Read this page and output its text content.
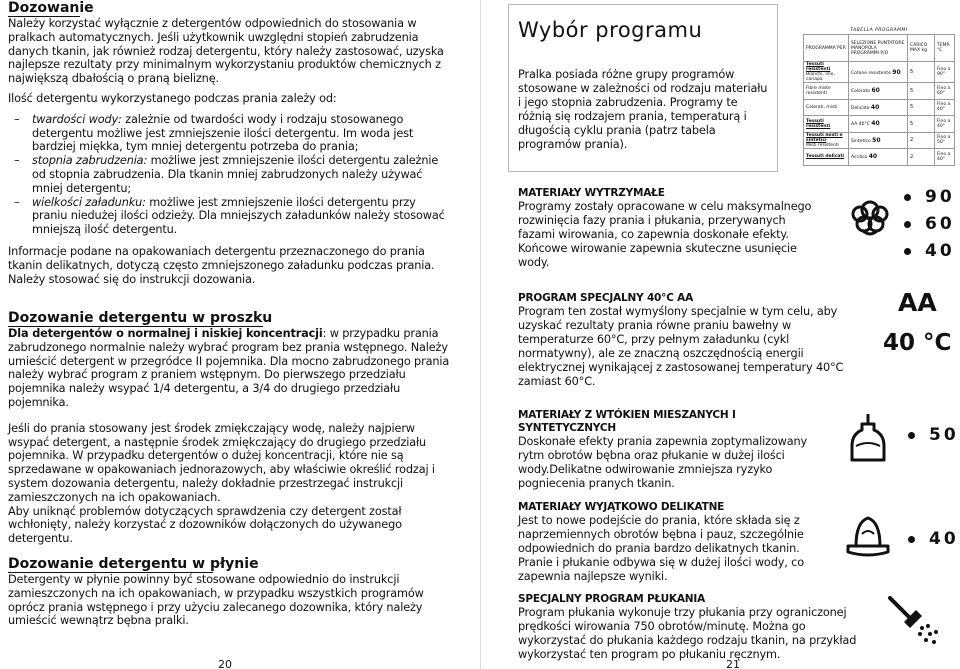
Dozowanie

Należy korzystać wyłącznie z detergentów odpowiednich do stosowania w pralkach automatycznych. Jeśli użytkownik uwzględni stopień zabrudzenia danych tkanin, jak również rodzaj detergentu, który należy zastosować, uzyska najlepsze rezultaty przy minimalnym wykorzystaniu produktów chemicznych z największą dbałością o praną bieliznę.

Ilość detergentu wykorzystanego podczas prania zależy od:

–	twardości wody: zależnie od twardości wody i rodzaju stosowanego detergentu możliwe jest zmniejszenie ilości detergentu. Im woda jest bardziej miękka, tym mniej detergentu potrzeba do prania;
–	stopnia zabrudzenia: możliwe jest zmniejszenie ilości detergentu zależnie od stopnia zabrudzenia. Dla tkanin mniej zabrudzonych należy używać mniej detergentu;
–	wielkości załadunku: możliwe jest zmniejszenie ilości detergentu przy praniu niedużej ilości odzieży. Dla mniejszych załadunków należy stosować mniejszą ilość detergentu.

Informacje podane na opakowaniach detergentu przeznaczonego do prania tkanin delikatnych, dotyczą często zmniejszonego załadunku podczas prania. Należy stosować się do instrukcji dozowania.

Dozowanie detergentu w proszku

Dla detergentów o normalnej i niskiej koncentracji: w przypadku prania zabrudzonego normalnie należy wybrać program bez prania wstępnego. Należy umieścić detergent w przegródce II pojemnika. Dla mocno zabrudzonego prania należy wybrać program z praniem wstępnym. Do pierwszego przedziału pojemnika należy wsypać 1/4 detergentu, a 3/4 do drugiego przedziału pojemnika.

Jeśli do prania stosowany jest środek zmiękczający wodę, należy najpierw wsypać detergent, a następnie środek zmiękczający do drugiego przedziału pojemnika. W przypadku detergentów o dużej koncentracji, które nie są sprzedawane w opakowaniach jednorazowych, aby właściwie określić rodzaj i system dozowania detergentu, należy dokładnie przestrzegać instrukcji zamieszczonych na ich opakowaniach.

Aby uniknąć problemów dotyczących sprawdzenia czy detergent został wchłonięty, należy korzystać z dozowników dołączonych do używanego detergentu.

Dozowanie detergentu w płynie

Detergenty w płynie powinny być stosowane odpowiednio do instrukcji zamieszczonych na ich opakowaniach, w przypadku wszystkich programów oprócz prania wstępnego i przy użyciu zalecanego dozownika, który należy umieścić wewnątrz bębna pralki.

20
Wybór programu

Pralka posiada różne grupy programów stosowane w zależności od rodzaju materiału i jego stopnia zabrudzenia. Programy te różnią się rodzajem prania, temperaturą i długością cyklu prania (patrz tabela programów prania).

TABELLA PROGRAMMI
PROGRAMMA PER	SELEZIONE PUNTATORE MANOPOLA PROGRAMMI P/O	CARICO MAX kg	TEMP. °C

Tessuti resistenti
Bianchi, lino, canapa	Cotone resistente 90	5	Fino a 90°

Fibre miste resistenti	Colorato 60	5	Fino a 60°

Colorati, misti	Delicato 40	5	Fino a 40°

Tessuti resistenti	AA 40°C 40	5	Fino a 40°

Tessuti misti e sintetici
Misti resistenti	Sintetico 50	2	Fino a 50°

Tessuti delicati	Acrilico 40	2	Fino a 40°

MATERIAŁY WYTRZYMAŁE

Programy zostały opracowane w celu maksymalnego rozwinięcia fazy prania i płukania, przerywanych fazami wirowania, co zapewnia doskonałe efekty. Końcowe wirowanie zapewnia skuteczne usunięcie wody.

PROGRAM SPECJALNY 40°C AA

Program ten został wymyślony specjalnie w tym celu, aby uzyskać rezultaty prania równe praniu bawełny w temperaturze 60°C, przy pełnym załadunku (cykl normatywny), ale ze znaczną oszczędnością energii elektrycznej wynikającej z zastosowanej temperatury 40°C zamiast 60°C.

MATERIAŁY Z WTÓKIEN MIESZANYCH I SYNTETYCZNYCH

Doskonałe efekty prania zapewnia zoptymalizowany rytm obrotów bębna oraz płukanie w dużej ilości wody.Delikatne odwirowanie zmniejsza ryzyko pogniecenia pranych tkanin.

MATERIAŁY WYJĄTKOWO DELIKATNE

Jest to nowe podejście do prania, które składa się z naprzemiennych obrotów bębna i pauz, szczególnie odpowiednich do prania bardzo delikatnych tkanin. Pranie i płukanie odbywa się w dużej ilości wody, co zapewnia najlepsze wyniki.

SPECJALNY PROGRAM PŁUKANIA

Program płukania wykonuje trzy płukania przy ograniczonej prędkości wirowania 750 obrotów/minutę. Można go wykorzystać do płukania każdego rodzaju tkanin, na przykład wykorzystać ten program po płukaniu ręcznym.

90
60
40
AA
40 °C
50
40
21
